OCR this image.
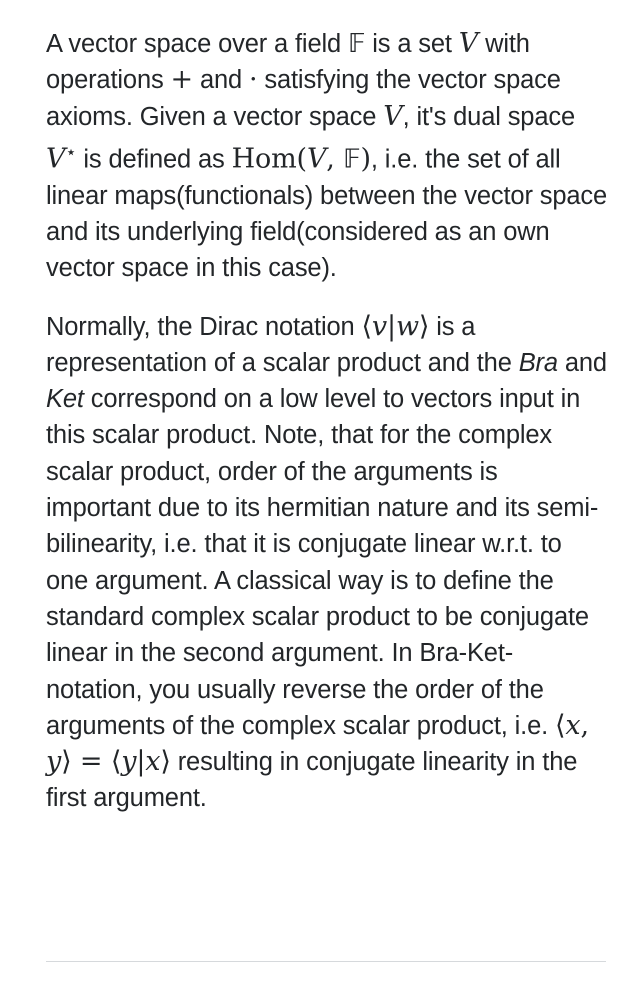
A vector space over a field 𝔽 is a set V with operations + and · satisfying the vector space axioms. Given a vector space V, it's dual space V⋆ is defined as Hom(V, 𝔽), i.e. the set of all linear maps(functionals) between the vector space and its underlying field(considered as an own vector space in this case).

Normally, the Dirac notation ⟨v|w⟩ is a representation of a scalar product and the Bra and Ket correspond on a low level to vectors input in this scalar product. Note, that for the complex scalar product, order of the arguments is important due to its hermitian nature and its semi-bilinearity, i.e. that it is conjugate linear w.r.t. to one argument. A classical way is to define the standard complex scalar product to be conjugate linear in the second argument. In Bra-Ket-notation, you usually reverse the order of the arguments of the complex scalar product, i.e. ⟨x, y⟩ = ⟨y|x⟩ resulting in conjugate linearity in the first argument.
